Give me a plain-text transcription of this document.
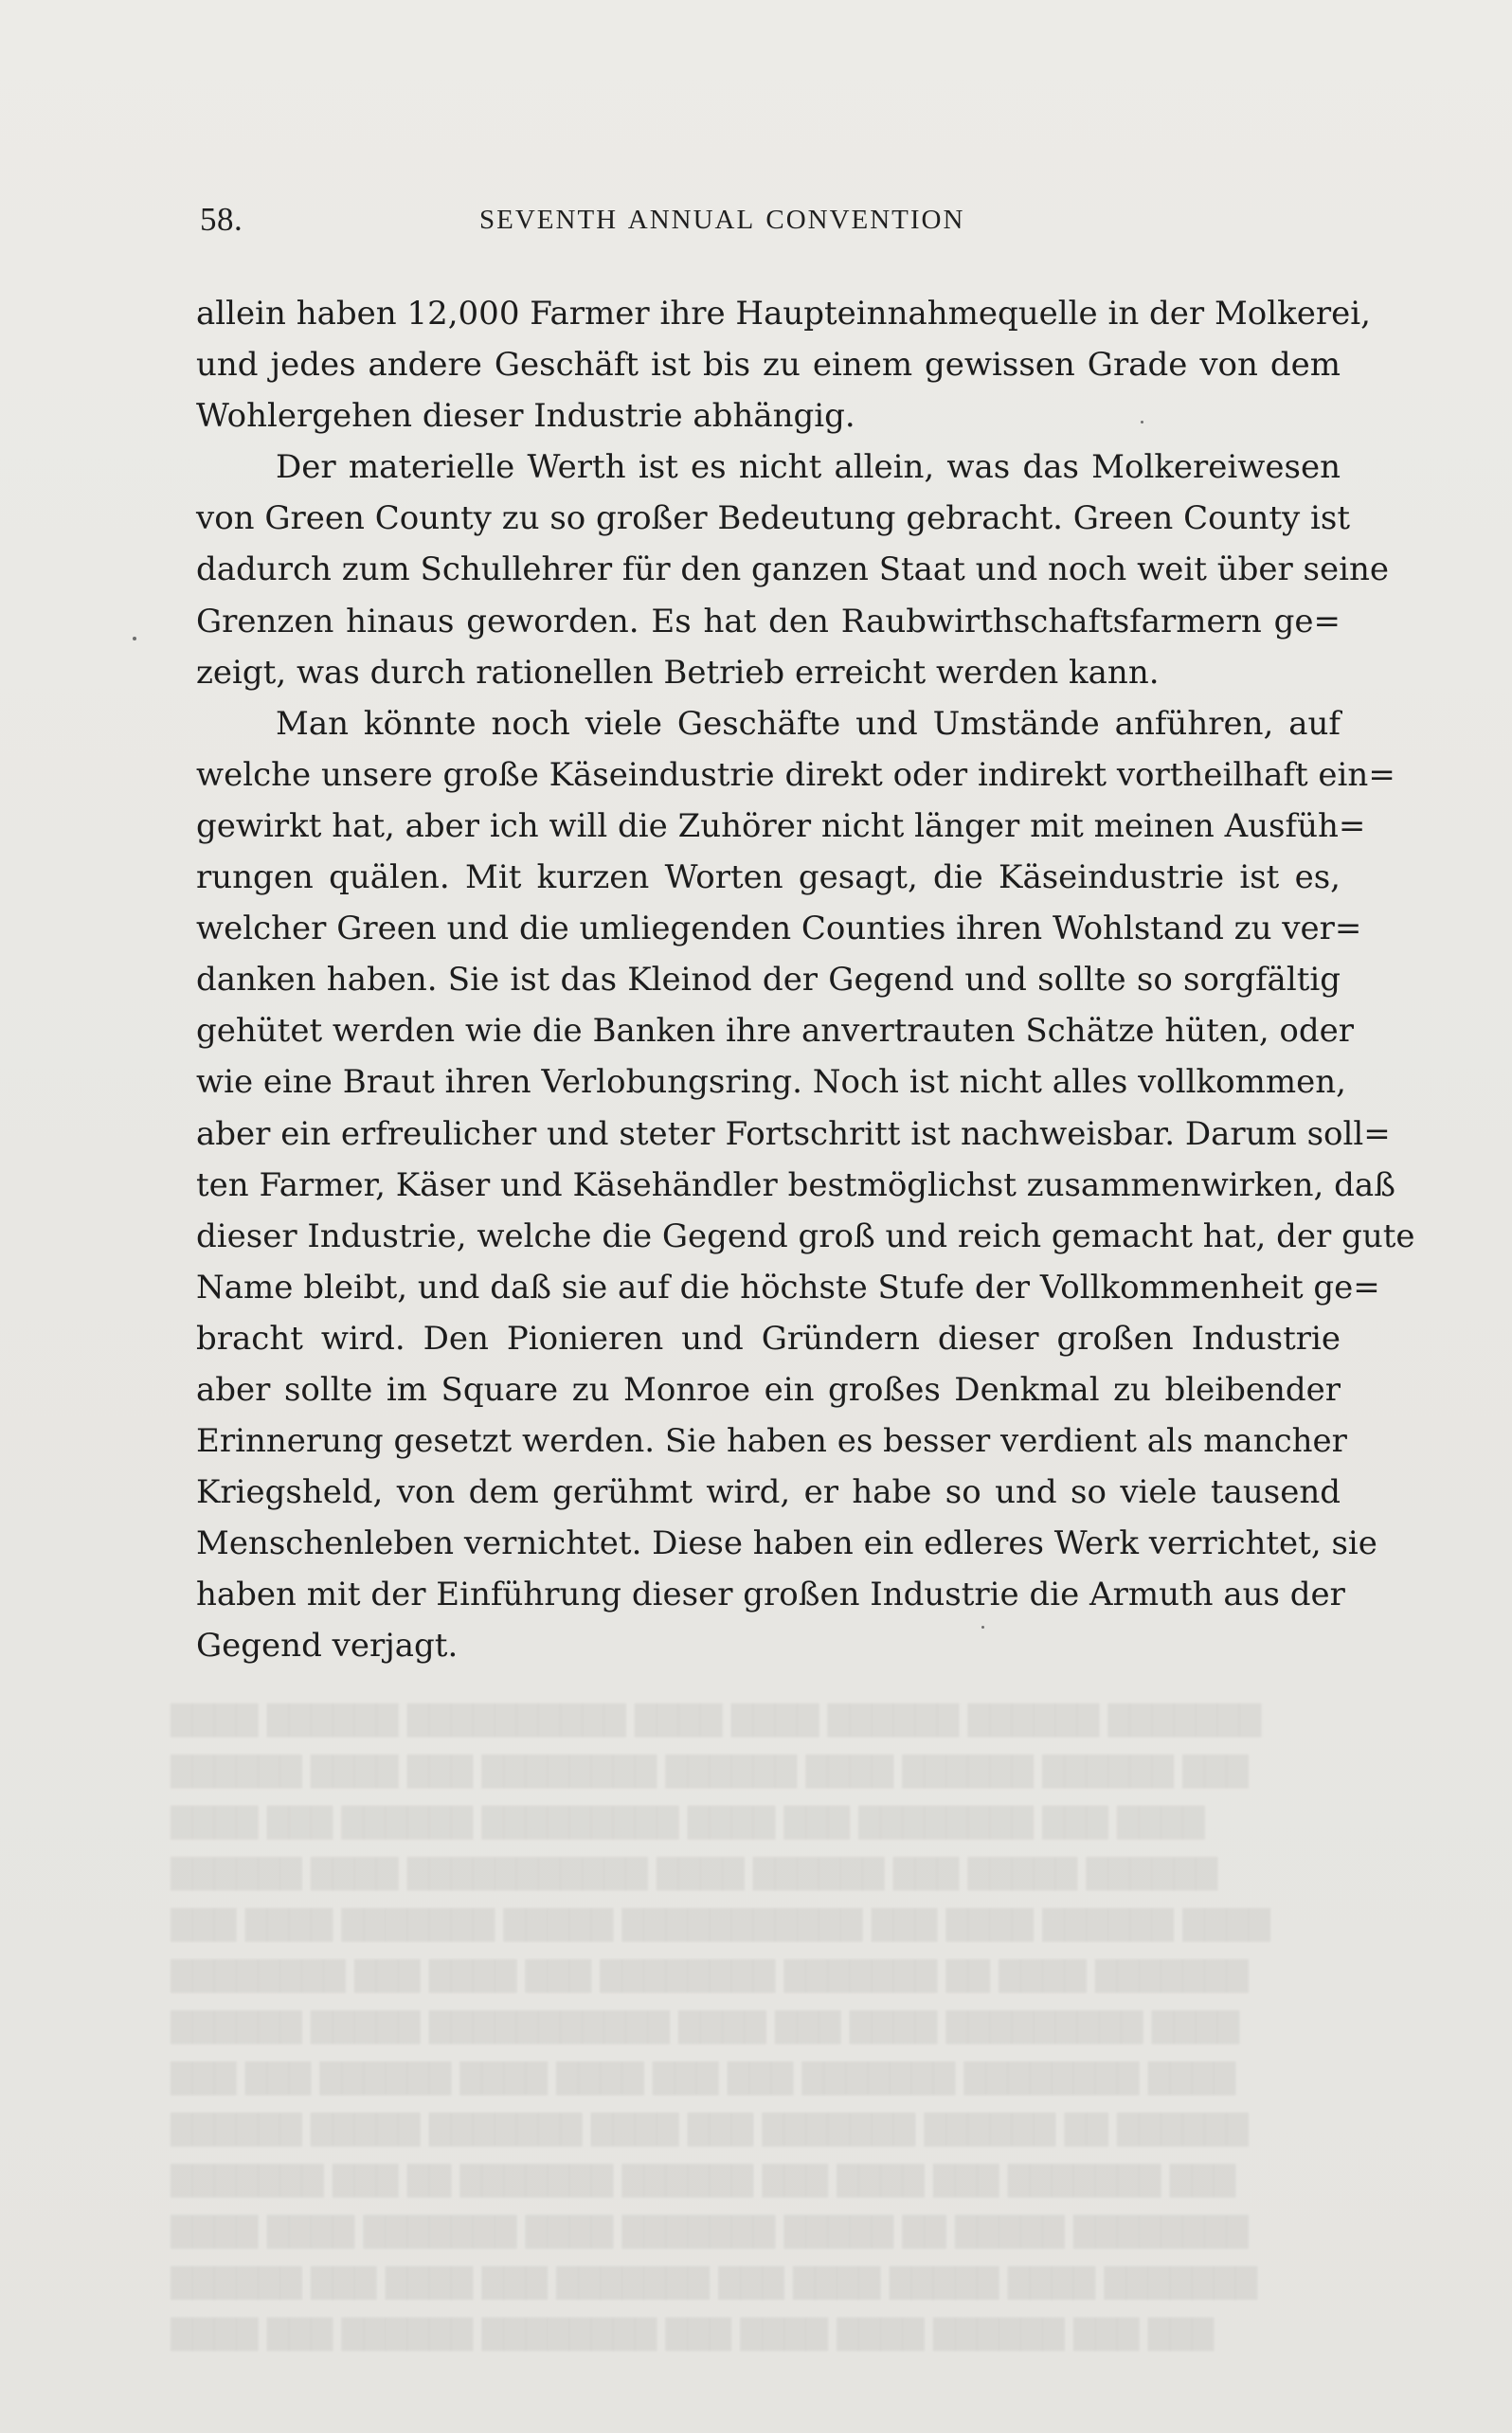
████ ██████ ██████████ ████ ████ ██████ ██████ ███████
██████ ████ ███ ████████ ██████ ████ ██████ ██████ ███
████ ███ ██████ █████████ ████ ███ ████████ ███ ████
██████ ████ ███████████ ████ ██████ ███ █████ ██████
███ ████ ███████ █████ ███████████ ███ ████ ██████ ████
████████ ███ ████ ███ ████████ ███████ ██ ████ ███████
██████ █████ ███████████ ████ ███ ████ █████████ ████
███ ███ ██████ ████ ████ ███ ███ ███████ ████████ ████
██████ █████ ███████ ████ ███ ███████ ██████ ██ ██████
███████ ███ ██ ███████ ██████ ███ ████ ███ ███████ ███
████ ████ ███████ ████ ███████ █████ ██ █████ ████████
██████ ███ ████ ███ ███████ ███ ████ █████ ████ ███████
████ ███ ██████ ████████ ███ ████ ████ ██████ ███ ███
58.	SEVENTH ANNUAL CONVENTION
allein haben 12,000 Farmer ihre Haupteinnahmequelle in der Molkerei,
und jedes andere Geschäft ist bis zu einem gewissen Grade von dem
Wohlergehen dieser Industrie abhängig.
Der materielle Werth ist es nicht allein, was das Molkereiwesen
von Green County zu so großer Bedeutung gebracht. Green County ist
dadurch zum Schullehrer für den ganzen Staat und noch weit über seine
Grenzen hinaus geworden. Es hat den Raubwirthschaftsfarmern ge=
zeigt, was durch rationellen Betrieb erreicht werden kann.
Man könnte noch viele Geschäfte und Umstände anführen, auf
welche unsere große Käseindustrie direkt oder indirekt vortheilhaft ein=
gewirkt hat, aber ich will die Zuhörer nicht länger mit meinen Ausfüh=
rungen quälen. Mit kurzen Worten gesagt, die Käseindustrie ist es,
welcher Green und die umliegenden Counties ihren Wohlstand zu ver=
danken haben. Sie ist das Kleinod der Gegend und sollte so sorgfältig
gehütet werden wie die Banken ihre anvertrauten Schätze hüten, oder
wie eine Braut ihren Verlobungsring. Noch ist nicht alles vollkommen,
aber ein erfreulicher und steter Fortschritt ist nachweisbar. Darum soll=
ten Farmer, Käser und Käsehändler bestmöglichst zusammenwirken, daß
dieser Industrie, welche die Gegend groß und reich gemacht hat, der gute
Name bleibt, und daß sie auf die höchste Stufe der Vollkommenheit ge=
bracht wird. Den Pionieren und Gründern dieser großen Industrie
aber sollte im Square zu Monroe ein großes Denkmal zu bleibender
Erinnerung gesetzt werden. Sie haben es besser verdient als mancher
Kriegsheld, von dem gerühmt wird, er habe so und so viele tausend
Menschenleben vernichtet. Diese haben ein edleres Werk verrichtet, sie
haben mit der Einführung dieser großen Industrie die Armuth aus der
Gegend verjagt.
